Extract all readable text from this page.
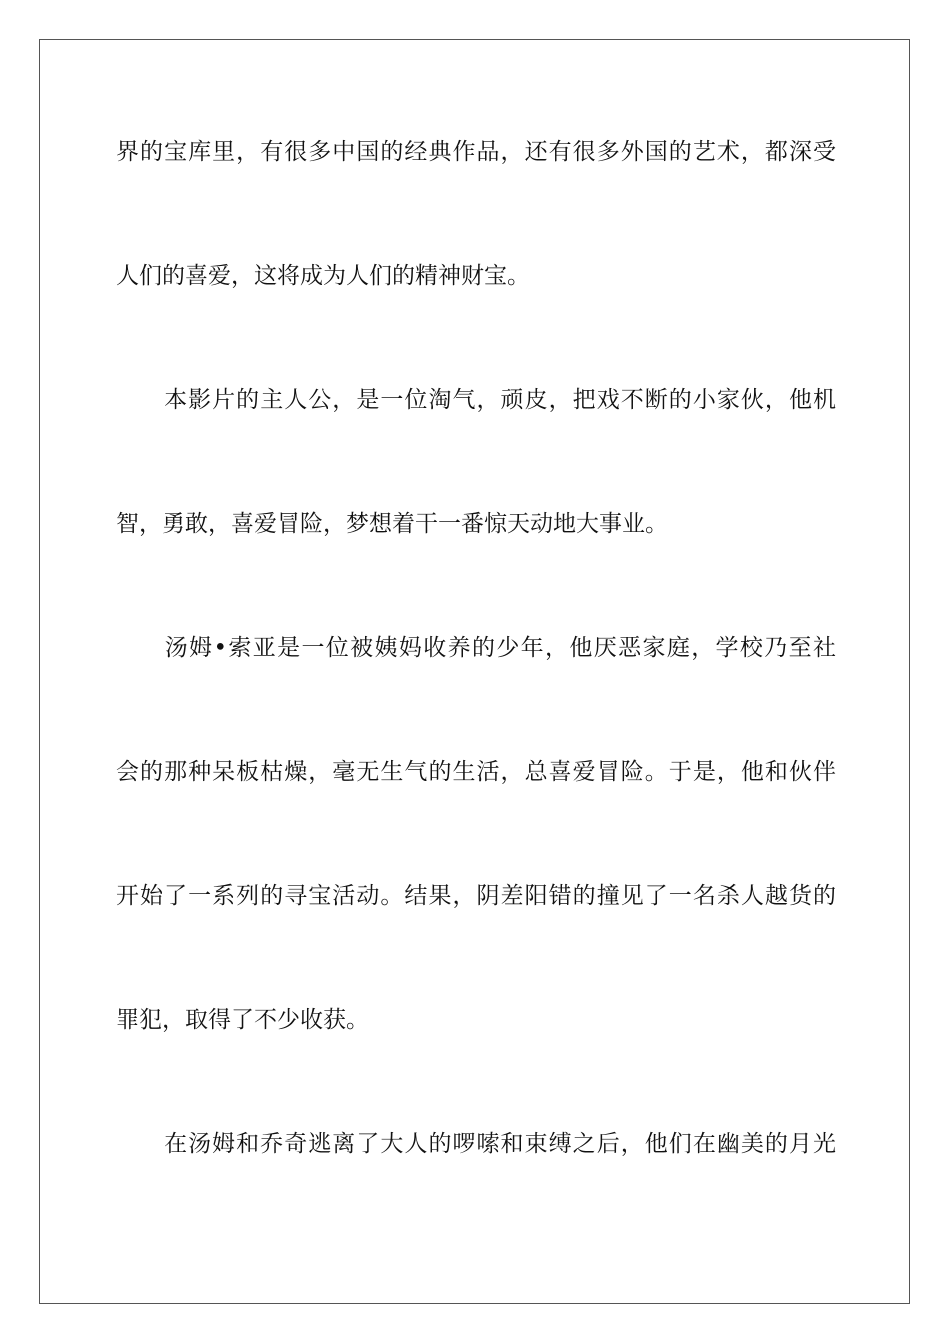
界的宝库里，有很多中国的经典作品，还有很多外国的艺术，都深受
人们的喜爱，这将成为人们的精神财宝。
　　本影片的主人公，是一位淘气，顽皮，把戏不断的小家伙，他机
智，勇敢，喜爱冒险，梦想着干一番惊天动地大事业。
　　汤姆•索亚是一位被姨妈收养的少年，他厌恶家庭，学校乃至社
会的那种呆板枯燥，毫无生气的生活，总喜爱冒险。于是，他和伙伴
开始了一系列的寻宝活动。结果，阴差阳错的撞见了一名杀人越货的
罪犯，取得了不少收获。
　　在汤姆和乔奇逃离了大人的啰嗦和束缚之后，他们在幽美的月光
